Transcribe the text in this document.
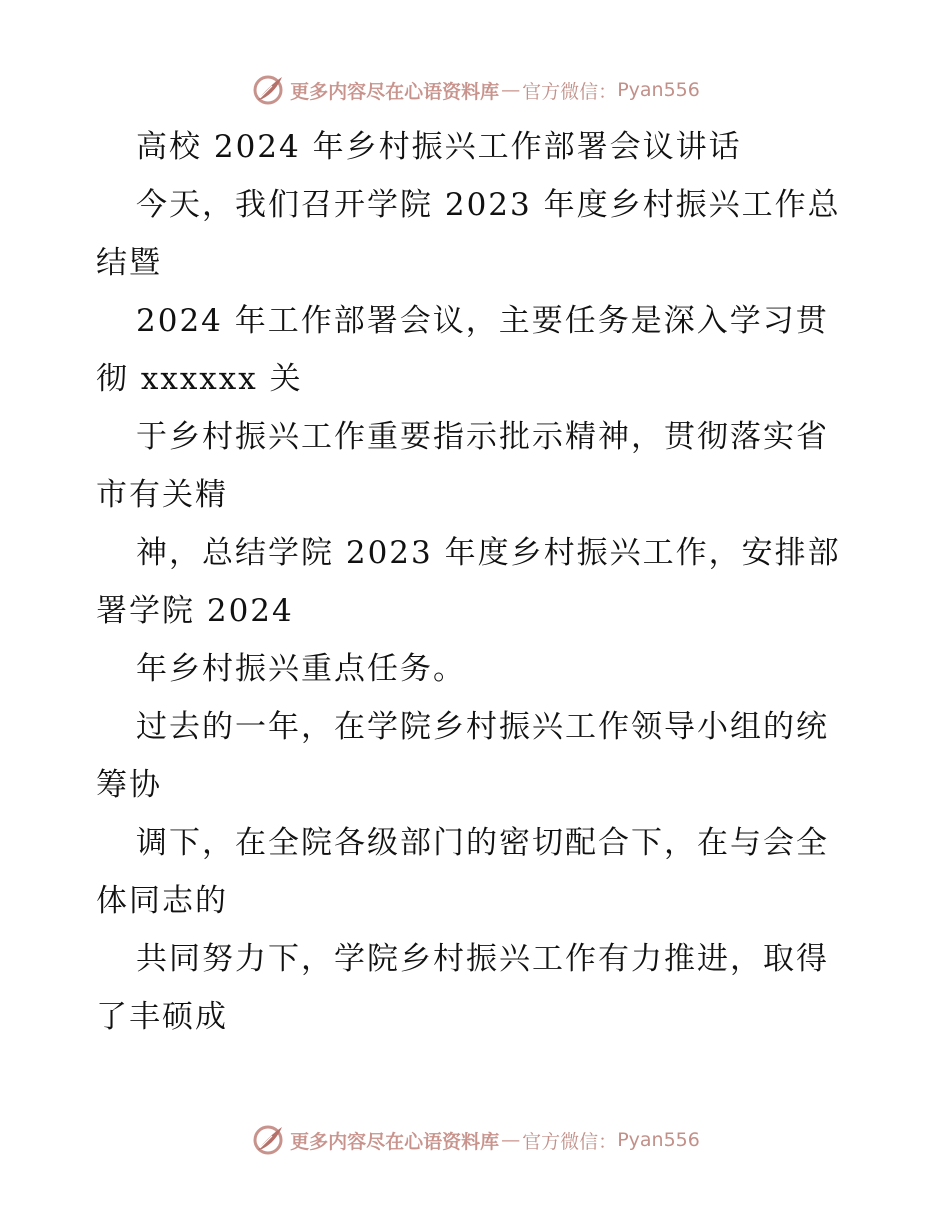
更多内容尽在心语资料库 — 官方微信： Pyan556
高校 2024 年乡村振兴工作部署会议讲话
今天，我们召开学院 2023 年度乡村振兴工作总
结暨
2024 年工作部署会议，主要任务是深入学习贯
彻 xxxxxx 关
于乡村振兴工作重要指示批示精神，贯彻落实省
市有关精
神，总结学院 2023 年度乡村振兴工作，安排部
署学院 2024
年乡村振兴重点任务。
过去的一年，在学院乡村振兴工作领导小组的统
筹协
调下，在全院各级部门的密切配合下，在与会全
体同志的
共同努力下，学院乡村振兴工作有力推进，取得
了丰硕成
更多内容尽在心语资料库 — 官方微信： Pyan556
